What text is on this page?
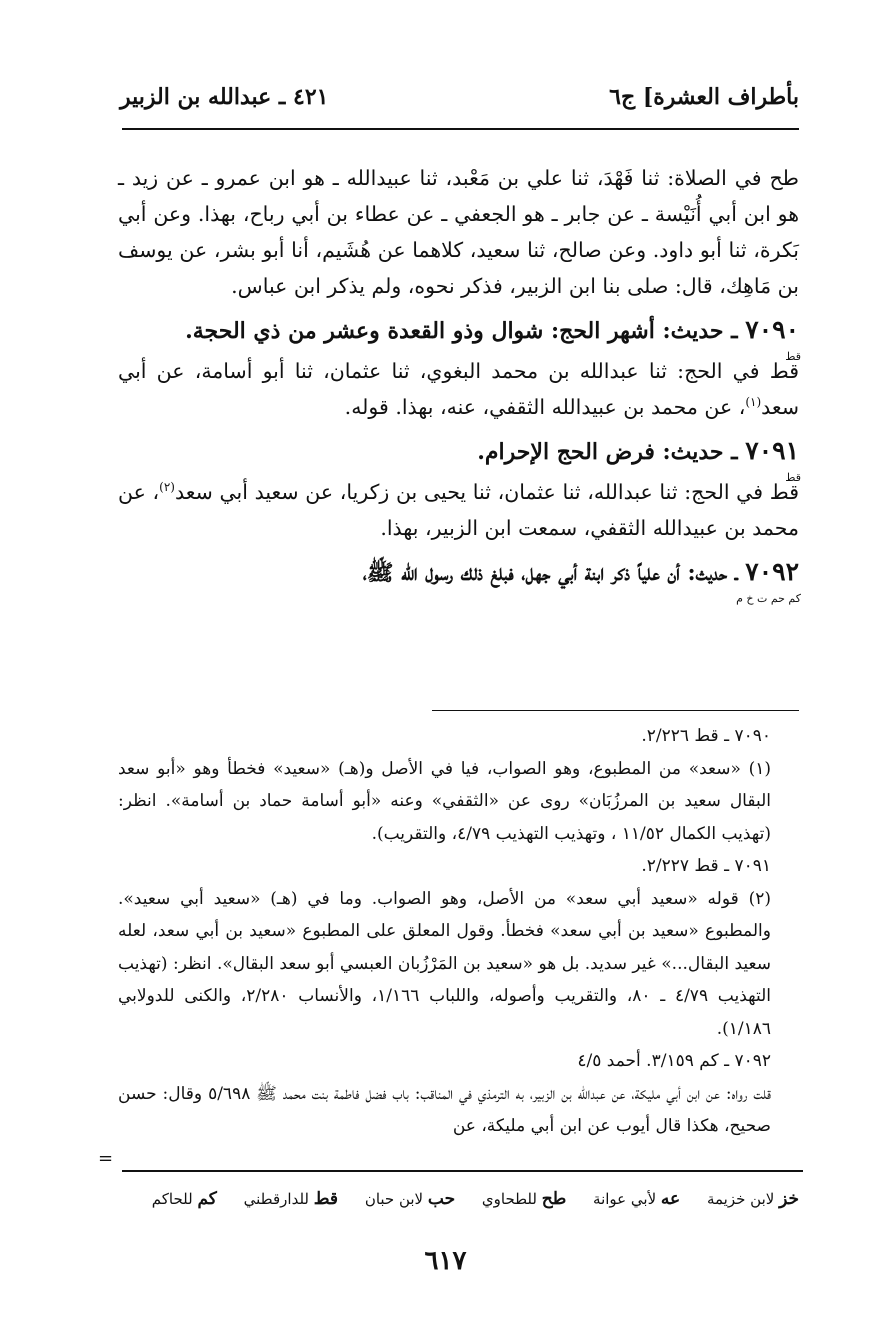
بأطراف العشرة] ج٦
٤٢١ ـ عبدالله بن الزبير

طح في الصلاة: ثنا فَهْدَ، ثنا علي بن مَعْبد، ثنا عبيدالله ـ هو ابن عمرو ـ عن زيد ـ هو ابن أبي أُنَيْسة ـ عن جابر ـ هو الجعفي ـ عن عطاء بن أبي رباح، بهذا. وعن أبي بَكرة، ثنا أبو داود. وعن صالح، ثنا سعيد، كلاهما عن هُشَيم، أنا أبو بشر، عن يوسف بن مَاهِك، قال: صلى بنا ابن الزبير، فذكر نحوه، ولم يذكر ابن عباس.

٧٠٩٠
قط
ـ حديث: أشهر الحج: شوال وذو القعدة وعشر من ذي الحجة.

قط في الحج: ثنا عبدالله بن محمد البغوي، ثنا عثمان، ثنا أبو أسامة، عن أبي سعد$^{(١)}$، عن محمد بن عبيدالله الثقفي، عنه، بهذا. قوله.

٧٠٩١
قط
ـ حديث: فرض الحج الإحرام.

قط في الحج: ثنا عبدالله، ثنا عثمان، ثنا يحيى بن زكريا، عن سعيد أبي سعد$^{(٢)}$، عن محمد بن عبيدالله الثقفي، سمعت ابن الزبير، بهذا.

٧٠٩٢
كم حم ت خ م
ـ حديث: أن علياً ذكر ابنة أبي جهل، فبلغ ذلك رسول الله ﷺ،

٧٠٩٠ ـ قط ٢/٢٢٦.

(١) «سعد» من المطبوع، وهو الصواب، فيا في الأصل و(هـ) «سعيد» فخطأ وهو «أبو سعد البقال سعيد بن المرزُبَان» روى عن «الثقفي» وعنه «أبو أسامة حماد بن أسامة». انظر: (تهذيب الكمال ١١/٥٢ ، وتهذيب التهذيب ٤/٧٩، والتقريب).

٧٠٩١ ـ قط ٢/٢٢٧.

(٢) قوله «سعيد أبي سعد» من الأصل، وهو الصواب. وما في (هـ) «سعيد أبي سعيد». والمطبوع «سعيد بن أبي سعد» فخطأ. وقول المعلق على المطبوع «سعيد بن أبي سعد، لعله سعيد البقال...» غير سديد. بل هو «سعيد بن المَرْزُبان العبسي أبو سعد البقال». انظر: (تهذيب التهذيب ٤/٧٩ ـ ٨٠، والتقريب وأصوله، واللباب ١/١٦٦، والأنساب ٢/٢٨٠، والكنى للدولابي ١/١٨٦).

٧٠٩٢ ـ كم ٣/١٥٩. أحمد ٤/٥

قلت رواه: عن ابن أبي مليكة، عن عبدالله بن الزبير، به الترمذي في المناقب: باب فضل فاطمة بنت محمد ﷺ ٥/٦٩٨ وقال: حسن صحيح، هكذا قال أيوب عن ابن أبي مليكة، عن

=
خز لابن خزيمة عه لأبي عوانة طح للطحاوي حب لابن حبان قط للدارقطني كم للحاكم
٦١٧
